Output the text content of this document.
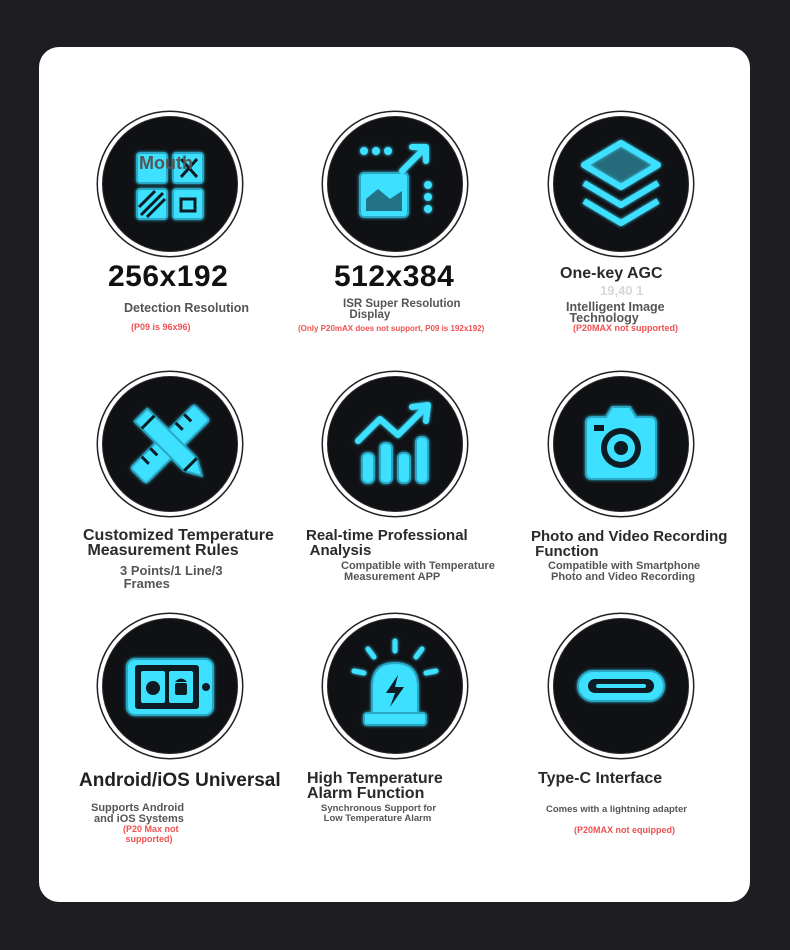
Mouth
256x192
Detection Resolution
(P09 is 96x96)
512x384
ISR Super Resolution
Display
(Only P20mAX does not support, P09 is 192x192)
19,40 1
One-key AGC
Intelligent Image
Technology
(P20MAX not supported)
Customized Temperature
Measurement Rules
3 Points/1 Line/3
Frames
Real-time Professional
Analysis
Compatible with Temperature
Measurement APP
Photo and Video Recording
Function
Compatible with Smartphone
Photo and Video Recording
Android/iOS Universal
Supports Android
and iOS Systems
(P20 Max not
supported)
High Temperature
Alarm Function
Synchronous Support for
Low Temperature Alarm
Type-C Interface
Comes with a lightning adapter
(P20MAX not equipped)
